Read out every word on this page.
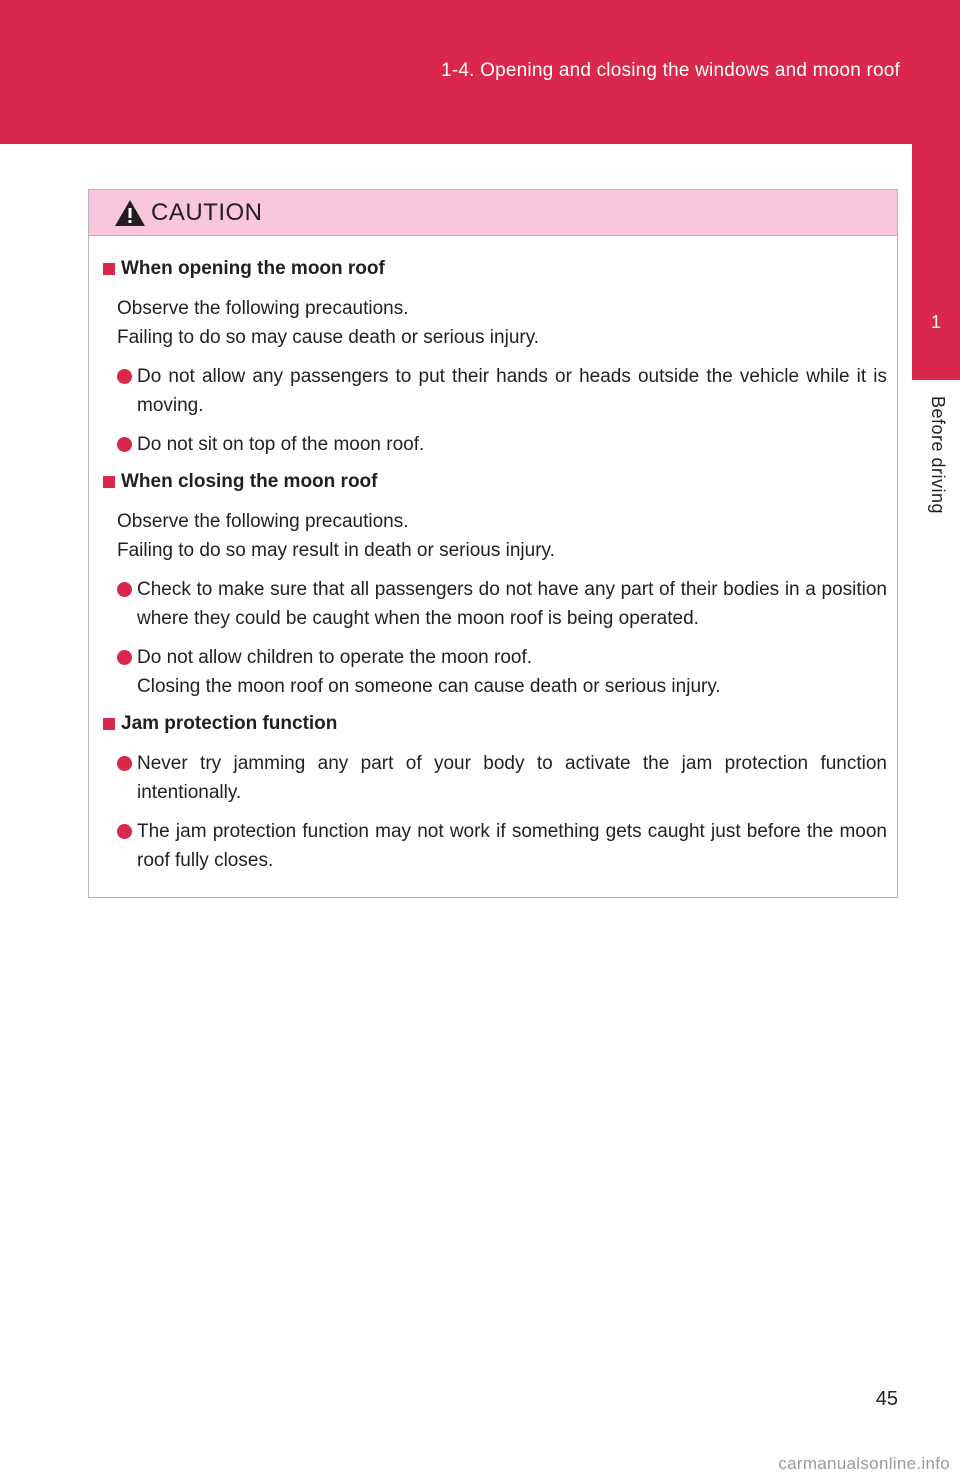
1-4. Opening and closing the windows and moon roof
1
Before driving
CAUTION
When opening the moon roof
Observe the following precautions.
Failing to do so may cause death or serious injury.
Do not allow any passengers to put their hands or heads outside the vehicle while it is moving.
Do not sit on top of the moon roof.
When closing the moon roof
Observe the following precautions.
Failing to do so may result in death or serious injury.
Check to make sure that all passengers do not have any part of their bodies in a position where they could be caught when the moon roof is being operated.
Do not allow children to operate the moon roof.
Closing the moon roof on someone can cause death or serious injury.
Jam protection function
Never try jamming any part of your body to activate the jam protection function intentionally.
The jam protection function may not work if something gets caught just before the moon roof fully closes.
45
carmanualsonline.info
